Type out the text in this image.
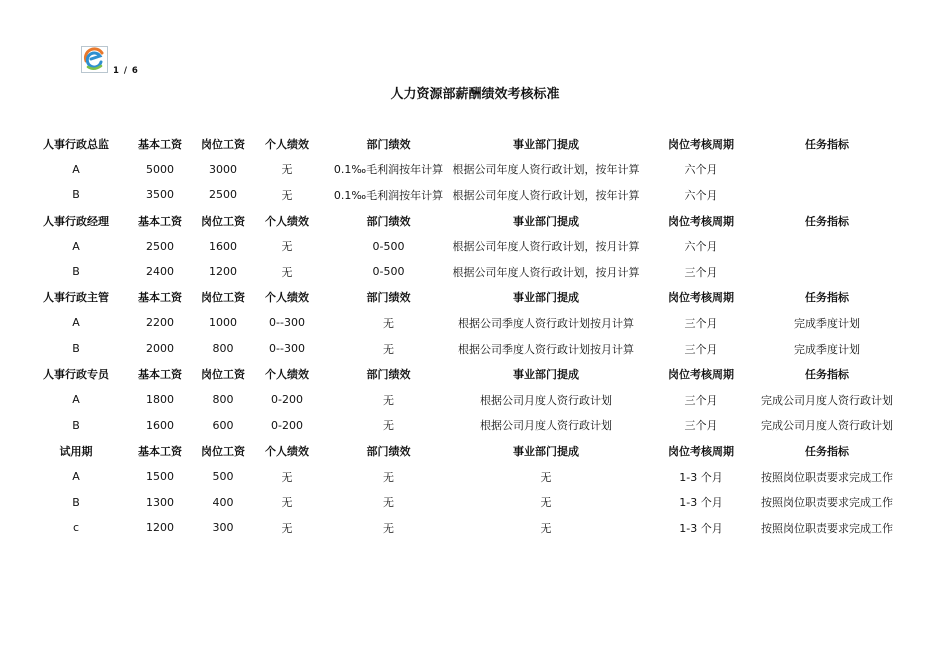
1 / 6
人力资源部薪酬绩效考核标准
人事行政总监	基本工资	岗位工资	个人绩效	部门绩效	事业部门提成	岗位考核周期	任务指标
A	5000	3000	无	0.1‰毛利润按年计算	根据公司年度人资行政计划，按年计算	六个月	
B	3500	2500	无	0.1‰毛利润按年计算	根据公司年度人资行政计划，按年计算	六个月	
人事行政经理	基本工资	岗位工资	个人绩效	部门绩效	事业部门提成	岗位考核周期	任务指标
A	2500	1600	无	0-500	根据公司年度人资行政计划，按月计算	六个月	
B	2400	1200	无	0-500	根据公司年度人资行政计划，按月计算	三个月	
人事行政主管	基本工资	岗位工资	个人绩效	部门绩效	事业部门提成	岗位考核周期	任务指标
A	2200	1000	0--300	无	根据公司季度人资行政计划按月计算	三个月	完成季度计划
B	2000	800	0--300	无	根据公司季度人资行政计划按月计算	三个月	完成季度计划
人事行政专员	基本工资	岗位工资	个人绩效	部门绩效	事业部门提成	岗位考核周期	任务指标
A	1800	800	0-200	无	根据公司月度人资行政计划	三个月	完成公司月度人资行政计划
B	1600	600	0-200	无	根据公司月度人资行政计划	三个月	完成公司月度人资行政计划
试用期	基本工资	岗位工资	个人绩效	部门绩效	事业部门提成	岗位考核周期	任务指标
A	1500	500	无	无	无	1-3 个月	按照岗位职责要求完成工作
B	1300	400	无	无	无	1-3 个月	按照岗位职责要求完成工作
c	1200	300	无	无	无	1-3 个月	按照岗位职责要求完成工作
